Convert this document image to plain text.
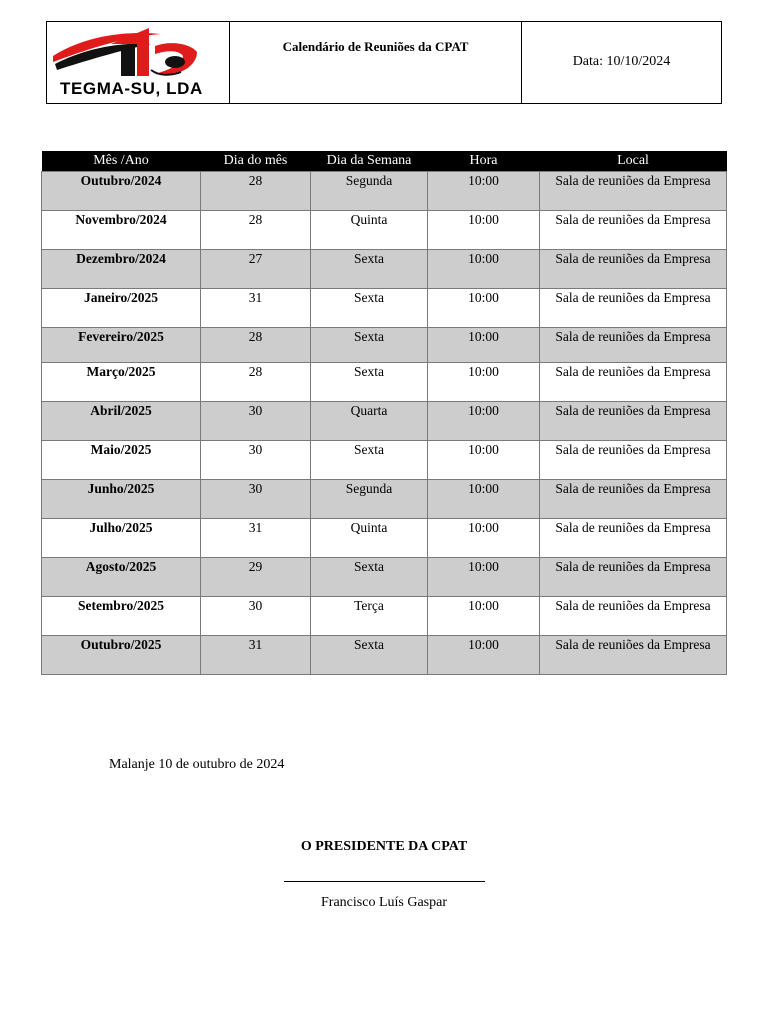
TEGMA-SU, LDA
Calendário de Reuniões da CPAT
Data: 10/10/2024
Mês /Ano	Dia do mês	Dia da Semana	Hora	Local
Outubro/2024	28	Segunda	10:00	Sala de reuniões da Empresa
Novembro/2024	28	Quinta	10:00	Sala de reuniões da Empresa
Dezembro/2024	27	Sexta	10:00	Sala de reuniões da Empresa
Janeiro/2025	31	Sexta	10:00	Sala de reuniões da Empresa
Fevereiro/2025	28	Sexta	10:00	Sala de reuniões da Empresa
Março/2025	28	Sexta	10:00	Sala de reuniões da Empresa
Abril/2025	30	Quarta	10:00	Sala de reuniões da Empresa
Maio/2025	30	Sexta	10:00	Sala de reuniões da Empresa
Junho/2025	30	Segunda	10:00	Sala de reuniões da Empresa
Julho/2025	31	Quinta	10:00	Sala de reuniões da Empresa
Agosto/2025	29	Sexta	10:00	Sala de reuniões da Empresa
Setembro/2025	30	Terça	10:00	Sala de reuniões da Empresa
Outubro/2025	31	Sexta	10:00	Sala de reuniões da Empresa
Malanje 10 de outubro de 2024
O PRESIDENTE DA CPAT
Francisco Luís Gaspar
